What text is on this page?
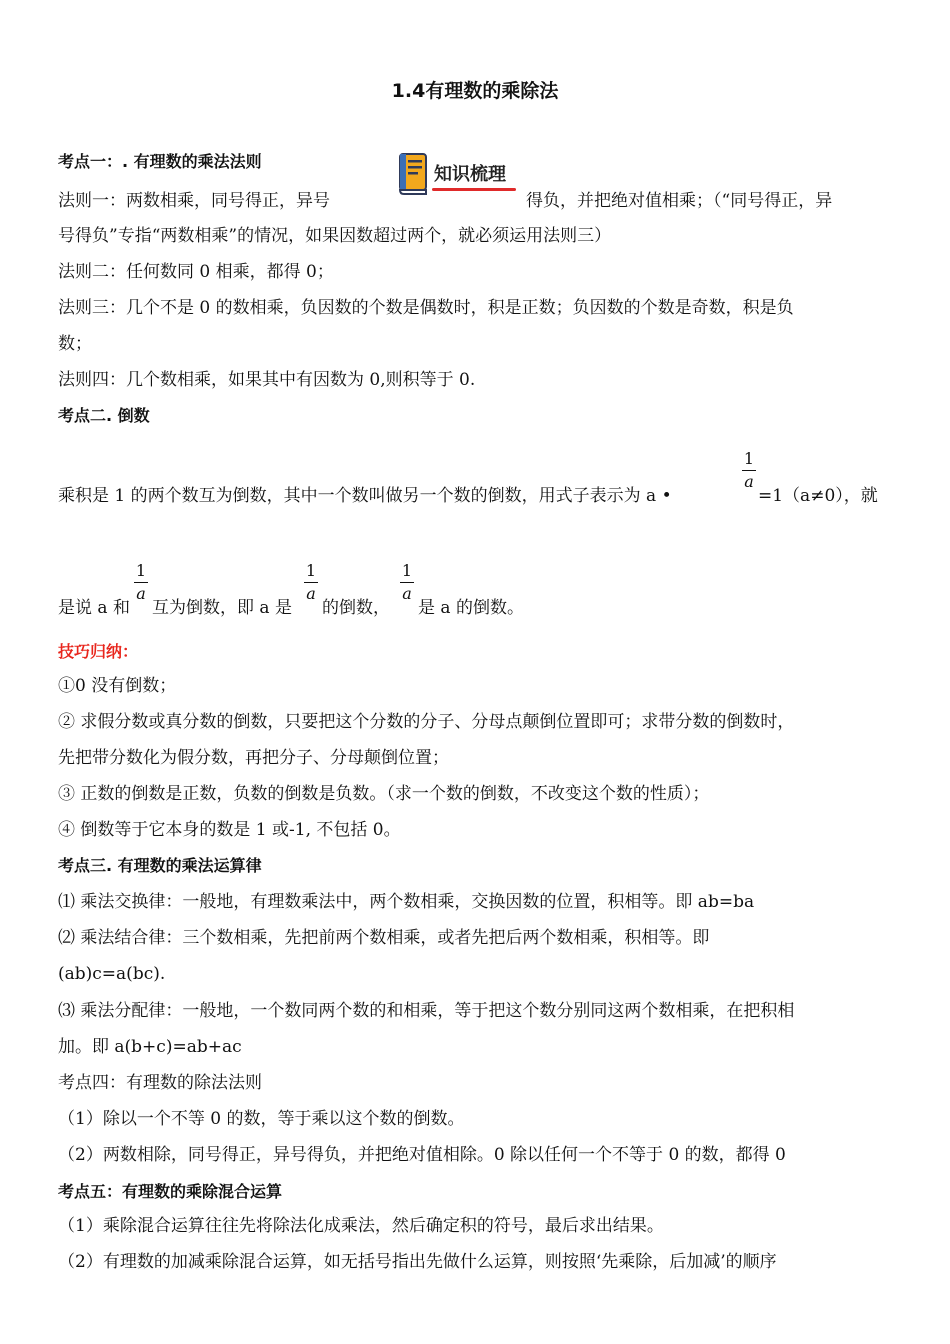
1.4有理数的乘除法
考点一：. 有理数的乘法法则
知识梳理
法则一：两数相乘，同号得正，异号	得负，并把绝对值相乘；（“同号得正，异
号得负”专指“两数相乘”的情况，如果因数超过两个，就必须运用法则三）
法则二：任何数同 0 相乘，都得 0；
法则三：几个不是 0 的数相乘，负因数的个数是偶数时，积是正数；负因数的个数是奇数，积是负
数；
法则四：几个数相乘，如果其中有因数为 0,则积等于 0.
考点二. 倒数
乘积是 1 的两个数互为倒数，其中一个数叫做另一个数的倒数，用式子表示为 a •
1
a
=1（a≠0），就
是说 a 和
1
a
互为倒数，即 a 是
1
a
的倒数，
1
a
是 a 的倒数。
技巧归纳：
①0 没有倒数；
② 求假分数或真分数的倒数，只要把这个分数的分子、分母点颠倒位置即可；求带分数的倒数时，
先把带分数化为假分数，再把分子、分母颠倒位置；
③ 正数的倒数是正数，负数的倒数是负数。（求一个数的倒数，不改变这个数的性质）；
④ 倒数等于它本身的数是 1 或-1, 不包括 0。
考点三. 有理数的乘法运算律
⑴ 乘法交换律：一般地，有理数乘法中，两个数相乘，交换因数的位置，积相等。即 ab=ba
⑵ 乘法结合律：三个数相乘，先把前两个数相乘，或者先把后两个数相乘，积相等。即
(ab)c=a(bc).
⑶ 乘法分配律：一般地，一个数同两个数的和相乘，等于把这个数分别同这两个数相乘，在把积相
加。即 a(b+c)=ab+ac
考点四：有理数的除法法则
（1）除以一个不等 0 的数，等于乘以这个数的倒数。
（2）两数相除，同号得正，异号得负，并把绝对值相除。0 除以任何一个不等于 0 的数，都得 0
考点五：有理数的乘除混合运算
（1）乘除混合运算往往先将除法化成乘法，然后确定积的符号，最后求出结果。
（2）有理数的加减乘除混合运算，如无括号指出先做什么运算，则按照‘先乘除，后加减’的顺序
